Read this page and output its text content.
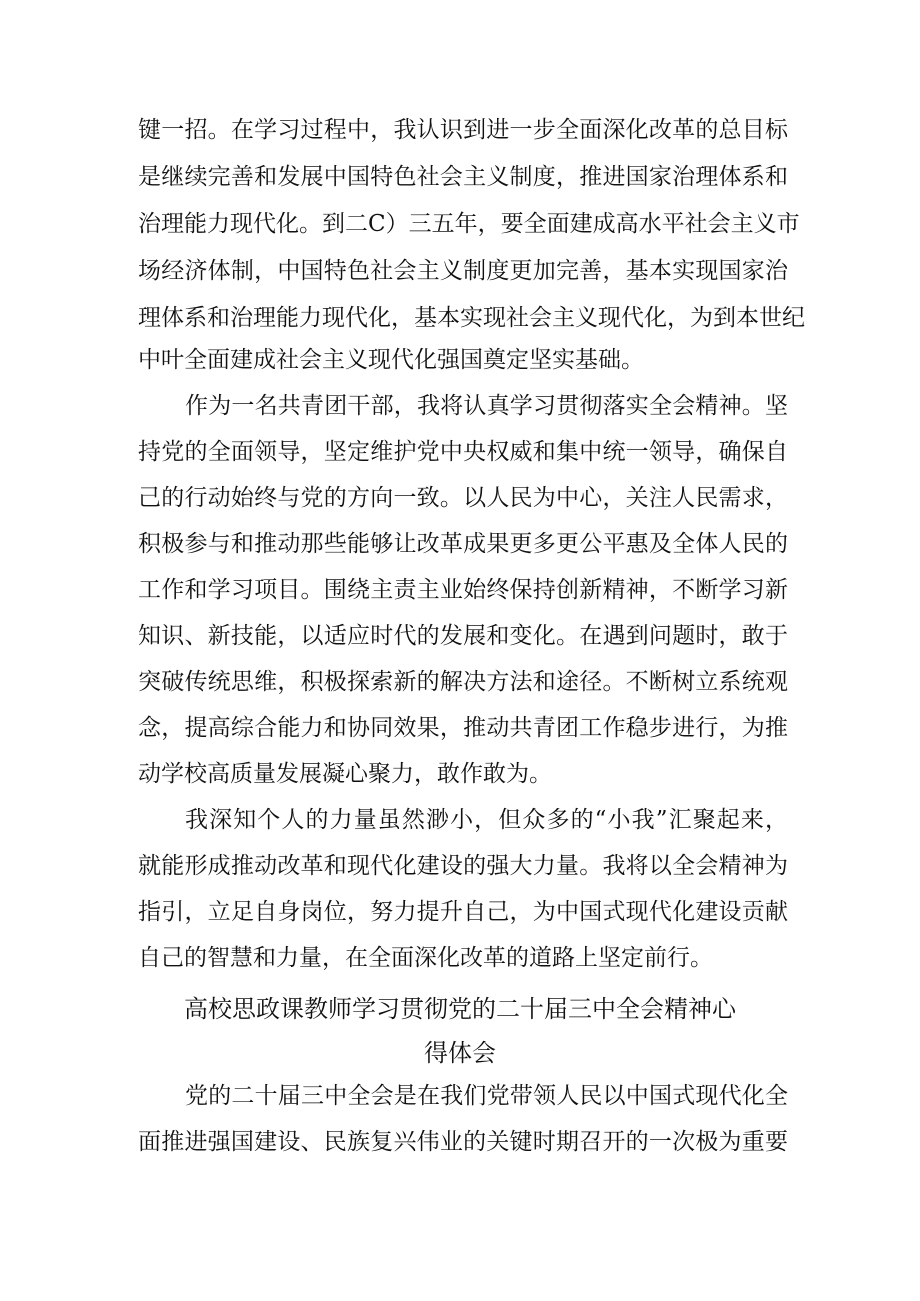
键一招。在学习过程中，我认识到进一步全面深化改革的总目标
是继续完善和发展中国特色社会主义制度，推进国家治理体系和
治理能力现代化。到二C）三五年，要全面建成高水平社会主义市
场经济体制，中国特色社会主义制度更加完善，基本实现国家治
理体系和治理能力现代化，基本实现社会主义现代化，为到本世纪
中叶全面建成社会主义现代化强国奠定坚实基础。
作为一名共青团干部，我将认真学习贯彻落实全会精神。坚
持党的全面领导，坚定维护党中央权威和集中统一领导，确保自
己的行动始终与党的方向一致。以人民为中心，关注人民需求，
积极参与和推动那些能够让改革成果更多更公平惠及全体人民的
工作和学习项目。围绕主责主业始终保持创新精神，不断学习新
知识、新技能，以适应时代的发展和变化。在遇到问题时，敢于
突破传统思维，积极探索新的解决方法和途径。不断树立系统观
念，提高综合能力和协同效果，推动共青团工作稳步进行，为推
动学校高质量发展凝心聚力，敢作敢为。
我深知个人的力量虽然渺小，但众多的“小我”汇聚起来，
就能形成推动改革和现代化建设的强大力量。我将以全会精神为
指引，立足自身岗位，努力提升自己，为中国式现代化建设贡献
自己的智慧和力量，在全面深化改革的道路上坚定前行。
高校思政课教师学习贯彻党的二十届三中全会精神心
得体会
党的二十届三中全会是在我们党带领人民以中国式现代化全
面推进强国建设、民族复兴伟业的关键时期召开的一次极为重要
